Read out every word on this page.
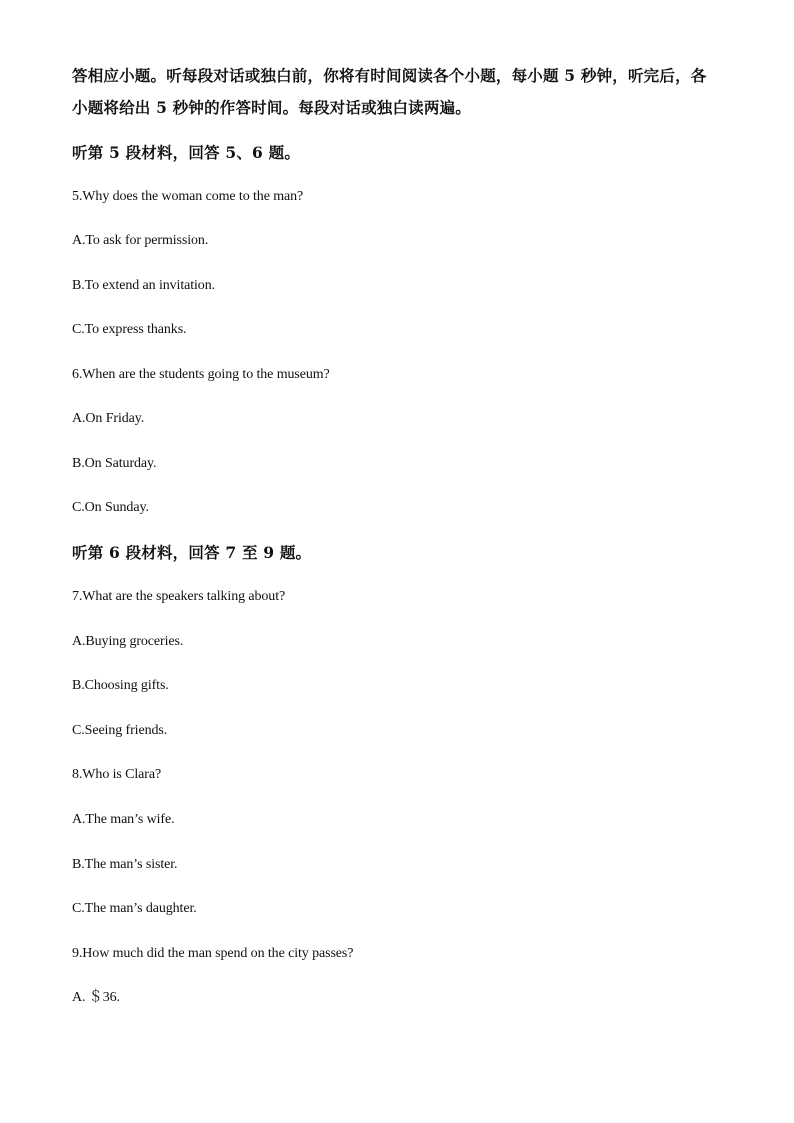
答相应小题。听每段对话或独白前，你将有时间阅读各个小题，每小题 5 秒钟，听完后，各
小题将给出 5 秒钟的作答时间。每段对话或独白读两遍。
听第 5 段材料，回答 5、6 题。
5.Why does the woman come to the man?
A.To ask for permission.
B.To extend an invitation.
C.To express thanks.
6.When are the students going to the museum?
A.On Friday.
B.On Saturday.
C.On Sunday.
听第 6 段材料，回答 7 至 9 题。
7.What are the speakers talking about?
A.Buying groceries.
B.Choosing gifts.
C.Seeing friends.
8.Who is Clara?
A.The man’s wife.
B.The man’s sister.
C.The man’s daughter.
9.How much did the man spend on the city passes?
A. ＄36.
